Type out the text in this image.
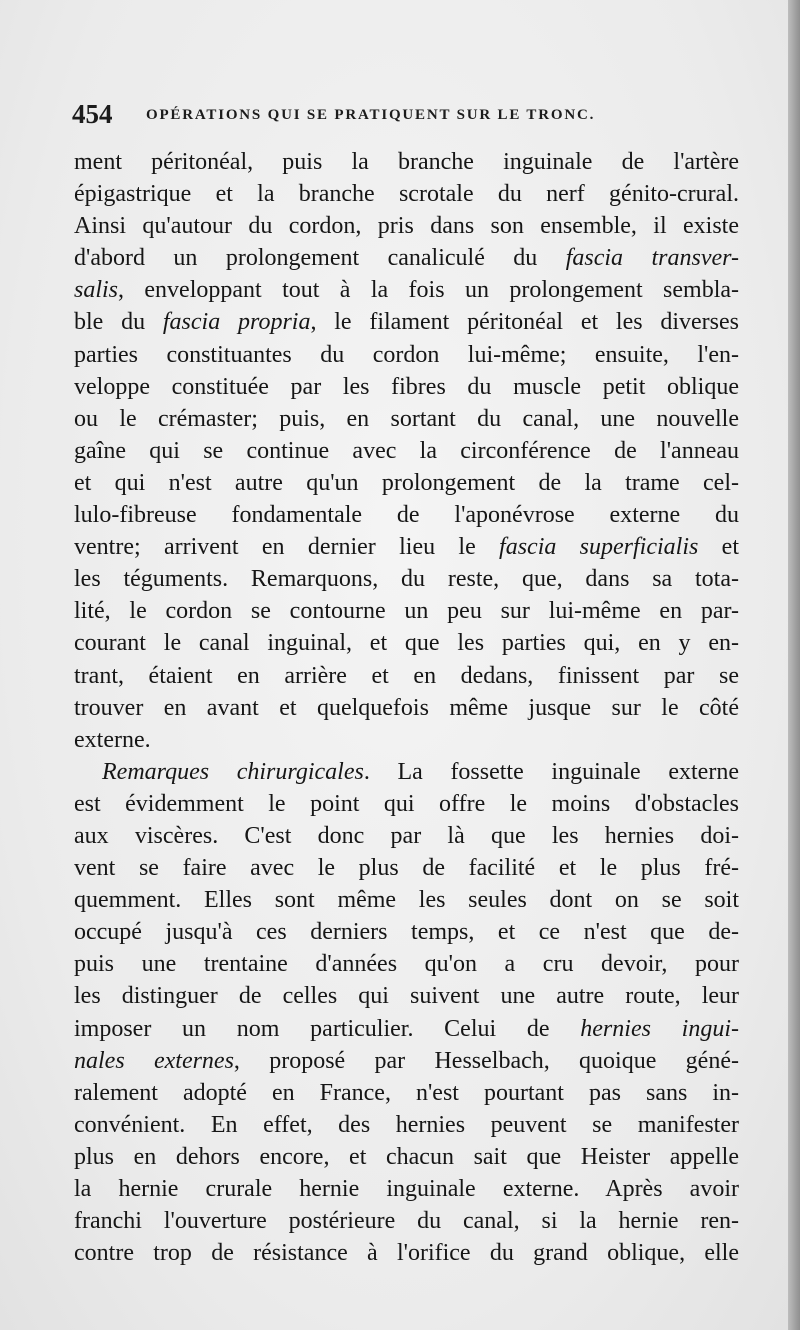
454 OPÉRATIONS QUI SE PRATIQUENT SUR LE TRONC.
ment péritonéal, puis la branche inguinale de l'artère
épigastrique et la branche scrotale du nerf génito-crural.
Ainsi qu'autour du cordon, pris dans son ensemble, il existe
d'abord un prolongement canaliculé du fascia transver-
salis, enveloppant tout à la fois un prolongement sembla-
ble du fascia propria, le filament péritonéal et les diverses
parties constituantes du cordon lui-même; ensuite, l'en-
veloppe constituée par les fibres du muscle petit oblique
ou le crémaster; puis, en sortant du canal, une nouvelle
gaîne qui se continue avec la circonférence de l'anneau
et qui n'est autre qu'un prolongement de la trame cel-
lulo-fibreuse fondamentale de l'aponévrose externe du
ventre; arrivent en dernier lieu le fascia superficialis et
les téguments. Remarquons, du reste, que, dans sa tota-
lité, le cordon se contourne un peu sur lui-même en par-
courant le canal inguinal, et que les parties qui, en y en-
trant, étaient en arrière et en dedans, finissent par se
trouver en avant et quelquefois même jusque sur le côté
externe.
Remarques chirurgicales. La fossette inguinale externe
est évidemment le point qui offre le moins d'obstacles
aux viscères. C'est donc par là que les hernies doi-
vent se faire avec le plus de facilité et le plus fré-
quemment. Elles sont même les seules dont on se soit
occupé jusqu'à ces derniers temps, et ce n'est que de-
puis une trentaine d'années qu'on a cru devoir, pour
les distinguer de celles qui suivent une autre route, leur
imposer un nom particulier. Celui de hernies ingui-
nales externes, proposé par Hesselbach, quoique géné-
ralement adopté en France, n'est pourtant pas sans in-
convénient. En effet, des hernies peuvent se manifester
plus en dehors encore, et chacun sait que Heister appelle
la hernie crurale hernie inguinale externe. Après avoir
franchi l'ouverture postérieure du canal, si la hernie ren-
contre trop de résistance à l'orifice du grand oblique, elle
